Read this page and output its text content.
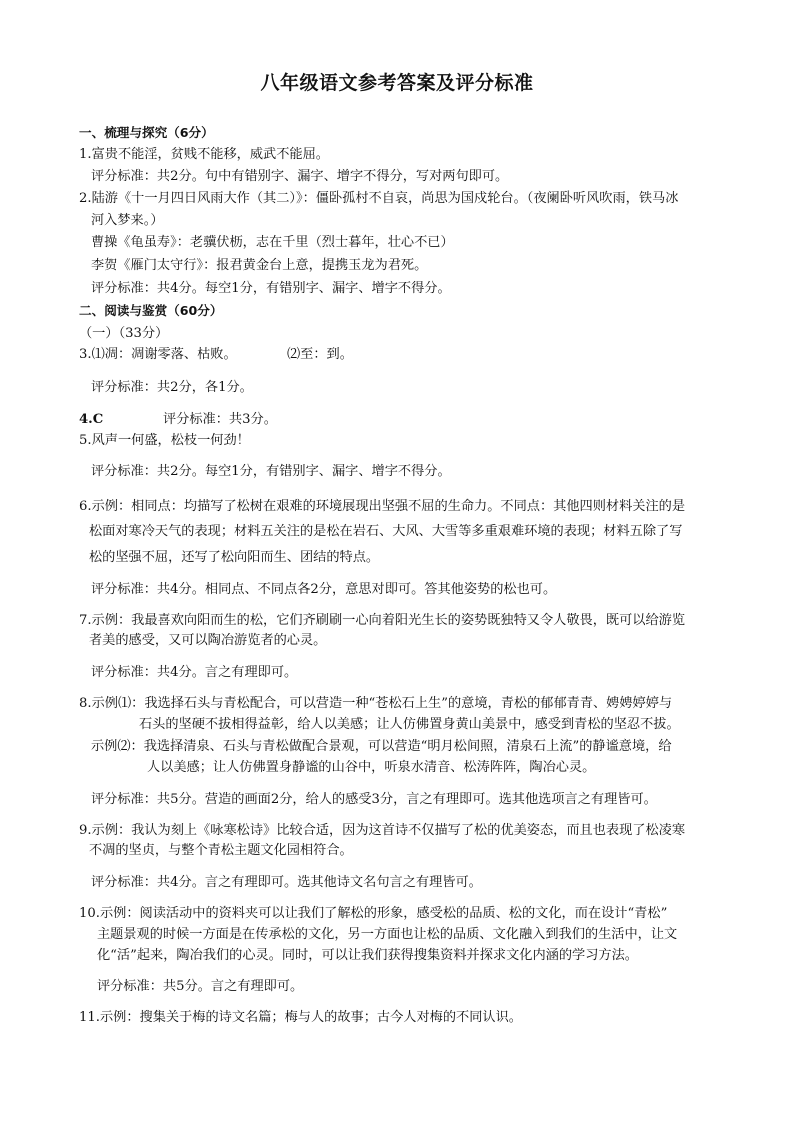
八年级语文参考答案及评分标准
一、梳理与探究（6分）
1.富贵不能淫，贫贱不能移，威武不能屈。
评分标准：共2分。句中有错别字、漏字、增字不得分，写对两句即可。
2.陆游《十一月四日风雨大作（其二）》：僵卧孤村不自哀，尚思为国戍轮台。（夜阑卧听风吹雨，铁马冰
河入梦来。）
曹操《龟虽寿》：老骥伏枥，志在千里（烈士暮年，壮心不已）
李贺《雁门太守行》：报君黄金台上意，提携玉龙为君死。
评分标准：共4分。每空1分，有错别字、漏字、增字不得分。
二、阅读与鉴赏（60分）
（一）（33分）
3.⑴凋：凋谢零落、枯败。	⑵至：到。
评分标准：共2分，各1分。
4.C	评分标准：共3分。
5.风声一何盛，松枝一何劲！
评分标准：共2分。每空1分，有错别字、漏字、增字不得分。
6.示例：相同点：均描写了松树在艰难的环境展现出坚强不屈的生命力。不同点：其他四则材料关注的是
松面对寒冷天气的表现；材料五关注的是松在岩石、大风、大雪等多重艰难环境的表现；材料五除了写
松的坚强不屈，还写了松向阳而生、团结的特点。
评分标准：共4分。相同点、不同点各2分，意思对即可。答其他姿势的松也可。
7.示例：我最喜欢向阳而生的松，它们齐刷刷一心向着阳光生长的姿势既独特又令人敬畏，既可以给游览
者美的感受，又可以陶冶游览者的心灵。
评分标准：共4分。言之有理即可。
8.示例⑴：我选择石头与青松配合，可以营造一种“苍松石上生”的意境，青松的郁郁青青、娉娉婷婷与
石头的坚硬不拔相得益彰，给人以美感；让人仿佛置身黄山美景中，感受到青松的坚忍不拔。
示例⑵：我选择清泉、石头与青松做配合景观，可以营造“明月松间照，清泉石上流”的静谧意境，给
人以美感；让人仿佛置身静谧的山谷中，听泉水清音、松涛阵阵，陶冶心灵。
评分标准：共5分。营造的画面2分，给人的感受3分，言之有理即可。选其他选项言之有理皆可。
9.示例：我认为刻上《咏寒松诗》比较合适，因为这首诗不仅描写了松的优美姿态，而且也表现了松凌寒
不凋的坚贞，与整个青松主题文化园相符合。
评分标准：共4分。言之有理即可。选其他诗文名句言之有理皆可。
10.示例：阅读活动中的资料夹可以让我们了解松的形象，感受松的品质、松的文化，而在设计“青松”
主题景观的时候一方面是在传承松的文化，另一方面也让松的品质、文化融入到我们的生活中，让文
化“活”起来，陶冶我们的心灵。同时，可以让我们获得搜集资料并探求文化内涵的学习方法。
评分标准：共5分。言之有理即可。
11.示例：搜集关于梅的诗文名篇；梅与人的故事；古今人对梅的不同认识。
